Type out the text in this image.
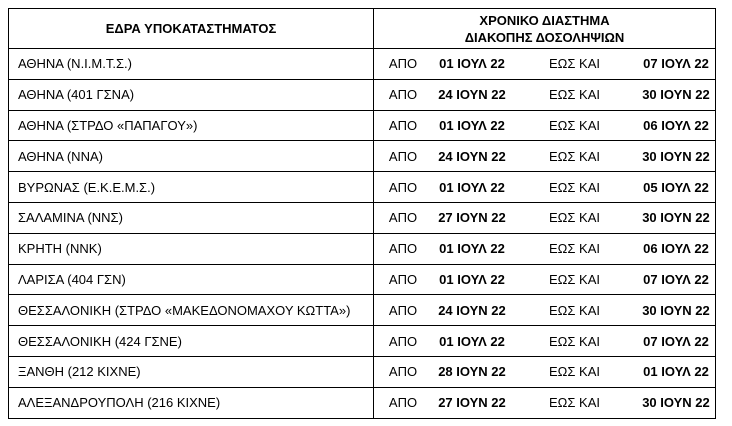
ΕΔΡΑ ΥΠΟΚΑΤΑΣΤΗΜΑΤΟΣ	ΧΡΟΝΙΚΟ ΔΙΑΣΤΗΜΑ
ΔΙΑΚΟΠΗΣ ΔΟΣΟΛΗΨΙΩΝ

ΑΘΗΝΑ (Ν.Ι.Μ.Τ.Σ.)	ΑΠΟ 01 ΙΟΥΛ 22 ΕΩΣ ΚΑΙ 07 ΙΟΥΛ 22

ΑΘΗΝΑ (401 ΓΣΝΑ)	ΑΠΟ 24 ΙΟΥΝ 22 ΕΩΣ ΚΑΙ 30 ΙΟΥΝ 22

ΑΘΗΝΑ (ΣΤΡΔΟ «ΠΑΠΑΓΟΥ»)	ΑΠΟ 01 ΙΟΥΛ 22 ΕΩΣ ΚΑΙ 06 ΙΟΥΛ 22

ΑΘΗΝΑ (ΝΝΑ)	ΑΠΟ 24 ΙΟΥΝ 22 ΕΩΣ ΚΑΙ 30 ΙΟΥΝ 22

ΒΥΡΩΝΑΣ (Ε.Κ.Ε.Μ.Σ.)	ΑΠΟ 01 ΙΟΥΛ 22 ΕΩΣ ΚΑΙ 05 ΙΟΥΛ 22

ΣΑΛΑΜΙΝΑ (ΝΝΣ)	ΑΠΟ 27 ΙΟΥΝ 22 ΕΩΣ ΚΑΙ 30 ΙΟΥΝ 22

ΚΡΗΤΗ (ΝΝΚ)	ΑΠΟ 01 ΙΟΥΛ 22 ΕΩΣ ΚΑΙ 06 ΙΟΥΛ 22

ΛΑΡΙΣΑ (404 ΓΣΝ)	ΑΠΟ 01 ΙΟΥΛ 22 ΕΩΣ ΚΑΙ 07 ΙΟΥΛ 22

ΘΕΣΣΑΛΟΝΙΚΗ (ΣΤΡΔΟ «ΜΑΚΕΔΟΝΟΜΑΧΟΥ ΚΩΤΤΑ»)	ΑΠΟ 24 ΙΟΥΝ 22 ΕΩΣ ΚΑΙ 30 ΙΟΥΝ 22

ΘΕΣΣΑΛΟΝΙΚΗ (424 ΓΣΝΕ)	ΑΠΟ 01 ΙΟΥΛ 22 ΕΩΣ ΚΑΙ 07 ΙΟΥΛ 22

ΞΑΝΘΗ (212 ΚΙΧΝΕ)	ΑΠΟ 28 ΙΟΥΝ 22 ΕΩΣ ΚΑΙ 01 ΙΟΥΛ 22

ΑΛΕΞΑΝΔΡΟΥΠΟΛΗ (216 ΚΙΧΝΕ)	ΑΠΟ 27 ΙΟΥΝ 22 ΕΩΣ ΚΑΙ 30 ΙΟΥΝ 22
